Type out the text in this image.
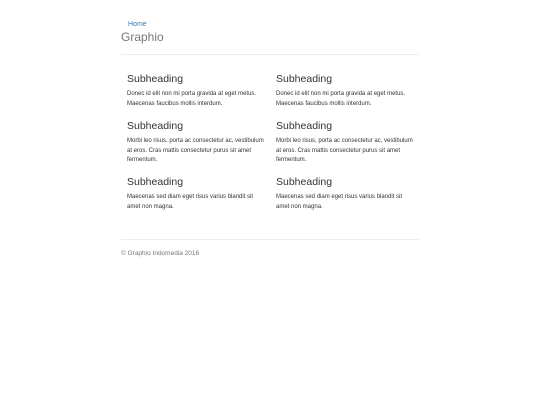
Home
Graphio
Subheading

Donec id elit non mi porta gravida at eget metus. Maecenas faucibus mollis interdum.

Subheading

Donec id elit non mi porta gravida at eget metus. Maecenas faucibus mollis interdum.

Subheading

Morbi leo risus, porta ac consectetur ac, vestibulum at eros. Cras mattis consectetur purus sit amet fermentum.

Subheading

Morbi leo risus, porta ac consectetur ac, vestibulum at eros. Cras mattis consectetur purus sit amet fermentum.

Subheading

Maecenas sed diam eget risus varius blandit sit amet non magna.

Subheading

Maecenas sed diam eget risus varius blandit sit amet non magna.

© Graphio Indomedia 2016
